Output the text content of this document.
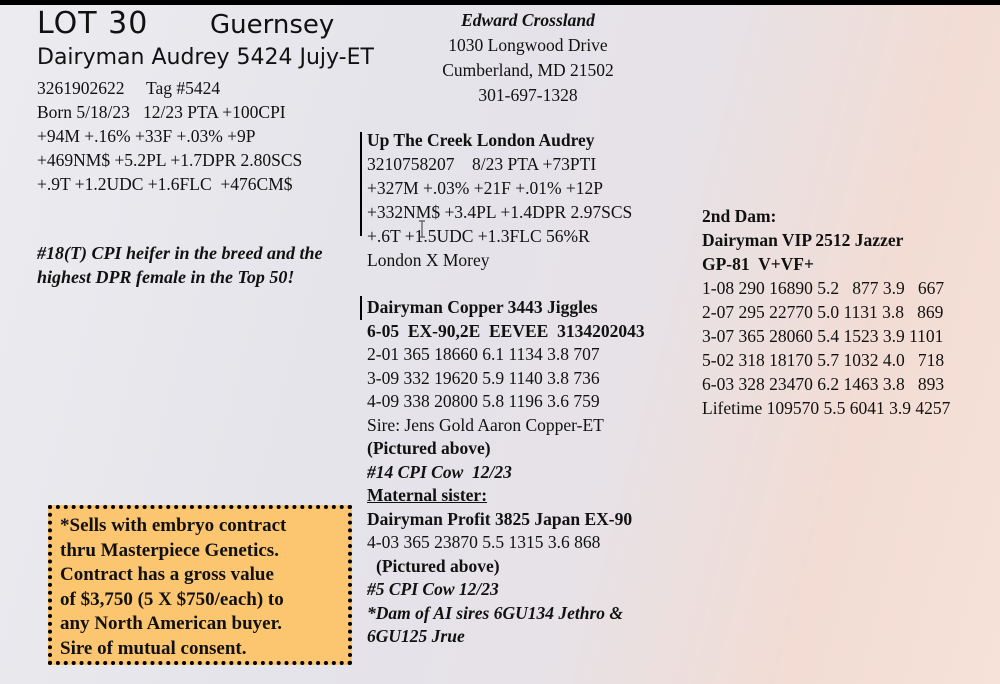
LOT 30 Guernsey
Dairyman Audrey 5424 Jujy-ET
3261902622     Tag #5424
Born 5/18/23   12/23 PTA +100CPI
+94M +.16% +33F +.03% +9P
+469NM$ +5.2PL +1.7DPR 2.80SCS
+.9T +1.2UDC +1.6FLC  +476CM$
#18(T) CPI heifer in the breed and the
highest DPR female in the Top 50!
Edward Crossland
1030 Longwood Drive
Cumberland, MD 21502
301-697-1328
Up The Creek London Audrey
3210758207    8/23 PTA +73PTI
+327M +.03% +21F +.01% +12P
+332NM$ +3.4PL +1.4DPR 2.97SCS
+.6T +1.5UDC +1.3FLC 56%R
London X Morey
Dairyman Copper 3443 Jiggles
6-05  EX-90,2E  EEVEE  3134202043
2-01 365 18660 6.1 1134 3.8 707
3-09 332 19620 5.9 1140 3.8 736
4-09 338 20800 5.8 1196 3.6 759
Sire: Jens Gold Aaron Copper-ET
(Pictured above)
#14 CPI Cow  12/23
Maternal sister:
Dairyman Profit 3825 Japan EX-90
4-03 365 23870 5.5 1315 3.6 868
(Pictured above)
#5 CPI Cow 12/23
*Dam of AI sires 6GU134 Jethro &
6GU125 Jrue
2nd Dam:
Dairyman VIP 2512 Jazzer
GP-81  V+VF+
1-08 290 16890 5.2   877 3.9   667
2-07 295 22770 5.0 1131 3.8   869
3-07 365 28060 5.4 1523 3.9 1101
5-02 318 18170 5.7 1032 4.0   718
6-03 328 23470 6.2 1463 3.8   893
Lifetime 109570 5.5 6041 3.9 4257
*Sells with embryo contract
thru Masterpiece Genetics.
Contract has a gross value
of $3,750 (5 X $750/each) to
any North American buyer.
Sire of mutual consent.
